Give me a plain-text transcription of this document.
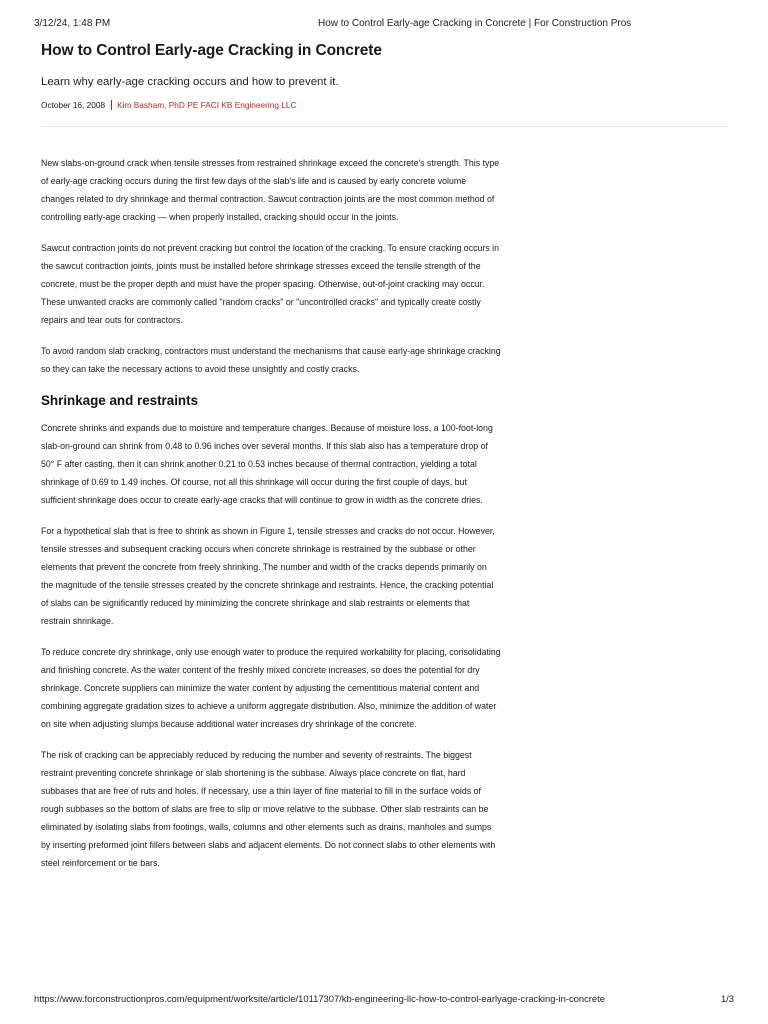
3/12/24, 1:48 PM	How to Control Early-age Cracking in Concrete | For Construction Pros
How to Control Early-age Cracking in Concrete

Learn why early-age cracking occurs and how to prevent it.

October 16, 2008 Kim Basham, PhD PE FACI KB Engineering LLC

New slabs-on-ground crack when tensile stresses from restrained shrinkage exceed the concrete's strength. This type of early-age cracking occurs during the first few days of the slab's life and is caused by early concrete volume changes related to dry shrinkage and thermal contraction. Sawcut contraction joints are the most common method of controlling early-age cracking — when properly installed, cracking should occur in the joints.

Sawcut contraction joints do not prevent cracking but control the location of the cracking. To ensure cracking occurs in the sawcut contraction joints, joints must be installed before shrinkage stresses exceed the tensile strength of the concrete, must be the proper depth and must have the proper spacing. Otherwise, out-of-joint cracking may occur. These unwanted cracks are commonly called "random cracks" or "uncontrolled cracks" and typically create costly repairs and tear outs for contractors.

To avoid random slab cracking, contractors must understand the mechanisms that cause early-age shrinkage cracking so they can take the necessary actions to avoid these unsightly and costly cracks.

Shrinkage and restraints

Concrete shrinks and expands due to moisture and temperature changes. Because of moisture loss, a 100-foot-long slab-on-ground can shrink from 0.48 to 0.96 inches over several months. If this slab also has a temperature drop of 50° F after casting, then it can shrink another 0.21 to 0.53 inches because of thermal contraction, yielding a total shrinkage of 0.69 to 1.49 inches. Of course, not all this shrinkage will occur during the first couple of days, but sufficient shrinkage does occur to create early-age cracks that will continue to grow in width as the concrete dries.

For a hypothetical slab that is free to shrink as shown in Figure 1, tensile stresses and cracks do not occur. However, tensile stresses and subsequent cracking occurs when concrete shrinkage is restrained by the subbase or other elements that prevent the concrete from freely shrinking. The number and width of the cracks depends primarily on the magnitude of the tensile stresses created by the concrete shrinkage and restraints. Hence, the cracking potential of slabs can be significantly reduced by minimizing the concrete shrinkage and slab restraints or elements that restrain shrinkage.

To reduce concrete dry shrinkage, only use enough water to produce the required workability for placing, consolidating and finishing concrete. As the water content of the freshly mixed concrete increases, so does the potential for dry shrinkage. Concrete suppliers can minimize the water content by adjusting the cementitious material content and combining aggregate gradation sizes to achieve a uniform aggregate distribution. Also, minimize the addition of water on site when adjusting slumps because additional water increases dry shrinkage of the concrete.

The risk of cracking can be appreciably reduced by reducing the number and severity of restraints. The biggest restraint preventing concrete shrinkage or slab shortening is the subbase. Always place concrete on flat, hard subbases that are free of ruts and holes. If necessary, use a thin layer of fine material to fill in the surface voids of rough subbases so the bottom of slabs are free to slip or move relative to the subbase. Other slab restraints can be eliminated by isolating slabs from footings, walls, columns and other elements such as drains, manholes and sumps by inserting preformed joint fillers between slabs and adjacent elements. Do not connect slabs to other elements with steel reinforcement or tie bars.

https://www.forconstructionpros.com/equipment/worksite/article/10117307/kb-engineering-llc-how-to-control-earlyage-cracking-in-concrete	1/3
